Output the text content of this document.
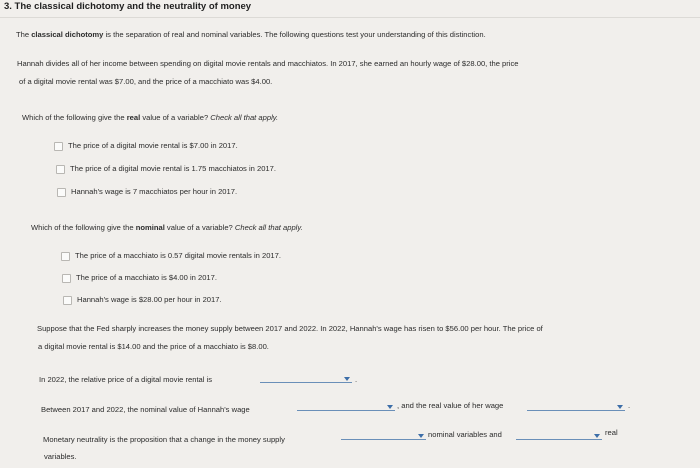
3. The classical dichotomy and the neutrality of money
The classical dichotomy is the separation of real and nominal variables. The following questions test your understanding of this distinction.
Hannah divides all of her income between spending on digital movie rentals and macchiatos. In 2017, she earned an hourly wage of $28.00, the price
of a digital movie rental was $7.00, and the price of a macchiato was $4.00.
Which of the following give the real value of a variable? Check all that apply.
The price of a digital movie rental is $7.00 in 2017.
The price of a digital movie rental is 1.75 macchiatos in 2017.
Hannah's wage is 7 macchiatos per hour in 2017.
Which of the following give the nominal value of a variable? Check all that apply.
The price of a macchiato is 0.57 digital movie rentals in 2017.
The price of a macchiato is $4.00 in 2017.
Hannah's wage is $28.00 per hour in 2017.
Suppose that the Fed sharply increases the money supply between 2017 and 2022. In 2022, Hannah's wage has risen to $56.00 per hour. The price of
a digital movie rental is $14.00 and the price of a macchiato is $8.00.
In 2022, the relative price of a digital movie rental is	.
Between 2017 and 2022, the nominal value of Hannah's wage	, and the real value of her wage	.
Monetary neutrality is the proposition that a change in the money supply
nominal variables and	real
variables.
